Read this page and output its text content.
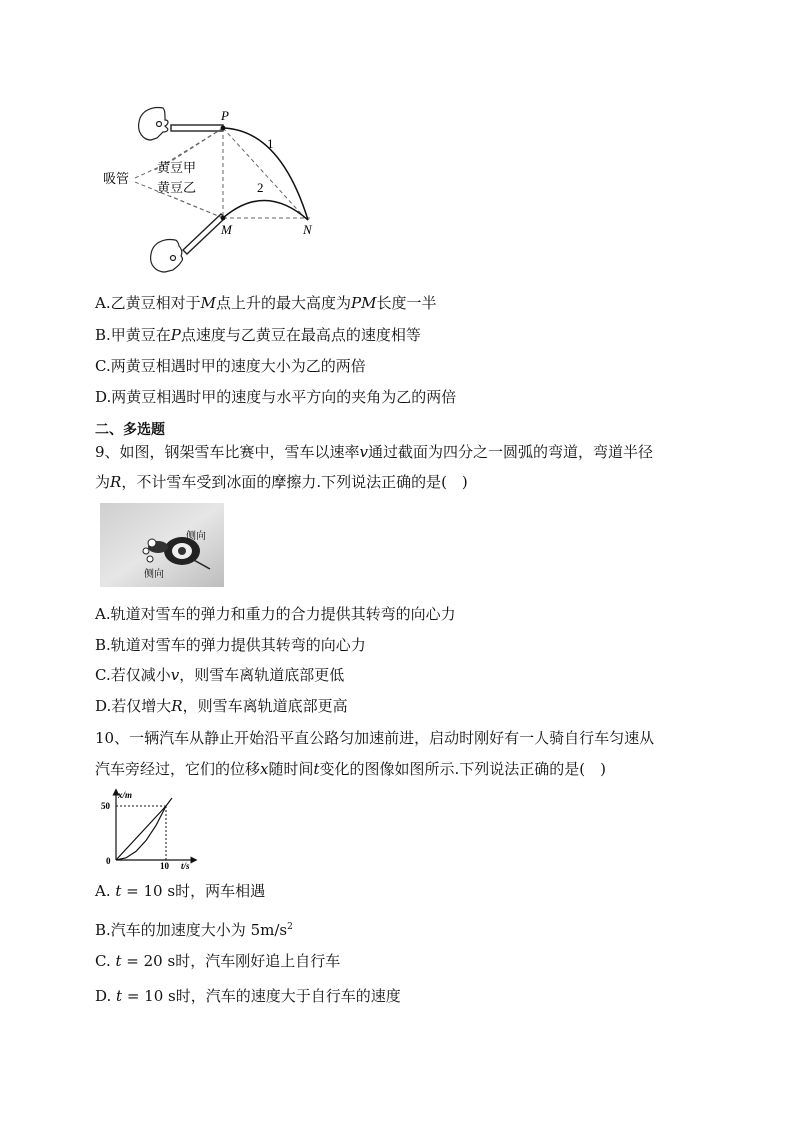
P
M	N
1
2
吸管
黄豆甲
黄豆乙
A.乙黄豆相对于M点上升的最大高度为PM长度一半
B.甲黄豆在P点速度与乙黄豆在最高点的速度相等
C.两黄豆相遇时甲的速度大小为乙的两倍
D.两黄豆相遇时甲的速度与水平方向的夹角为乙的两倍
二、多选题
9、如图，钢架雪车比赛中，雪车以速率v通过截面为四分之一圆弧的弯道，弯道半径
为R，不计雪车受到冰面的摩擦力.下列说法正确的是(　)
侧向
侧向
A.轨道对雪车的弹力和重力的合力提供其转弯的向心力
B.轨道对雪车的弹力提供其转弯的向心力
C.若仅减小v，则雪车离轨道底部更低
D.若仅增大R，则雪车离轨道底部更高
10、一辆汽车从静止开始沿平直公路匀加速前进，启动时刚好有一人骑自行车匀速从
汽车旁经过，它们的位移x随时间t变化的图像如图所示.下列说法正确的是(　)
x/m
t/s
50
10
0
A. t = 10 s时，两车相遇
B.汽车的加速度大小为 $5m/s^2$
C. t = 20 s时，汽车刚好追上自行车
D. t = 10 s时，汽车的速度大于自行车的速度
